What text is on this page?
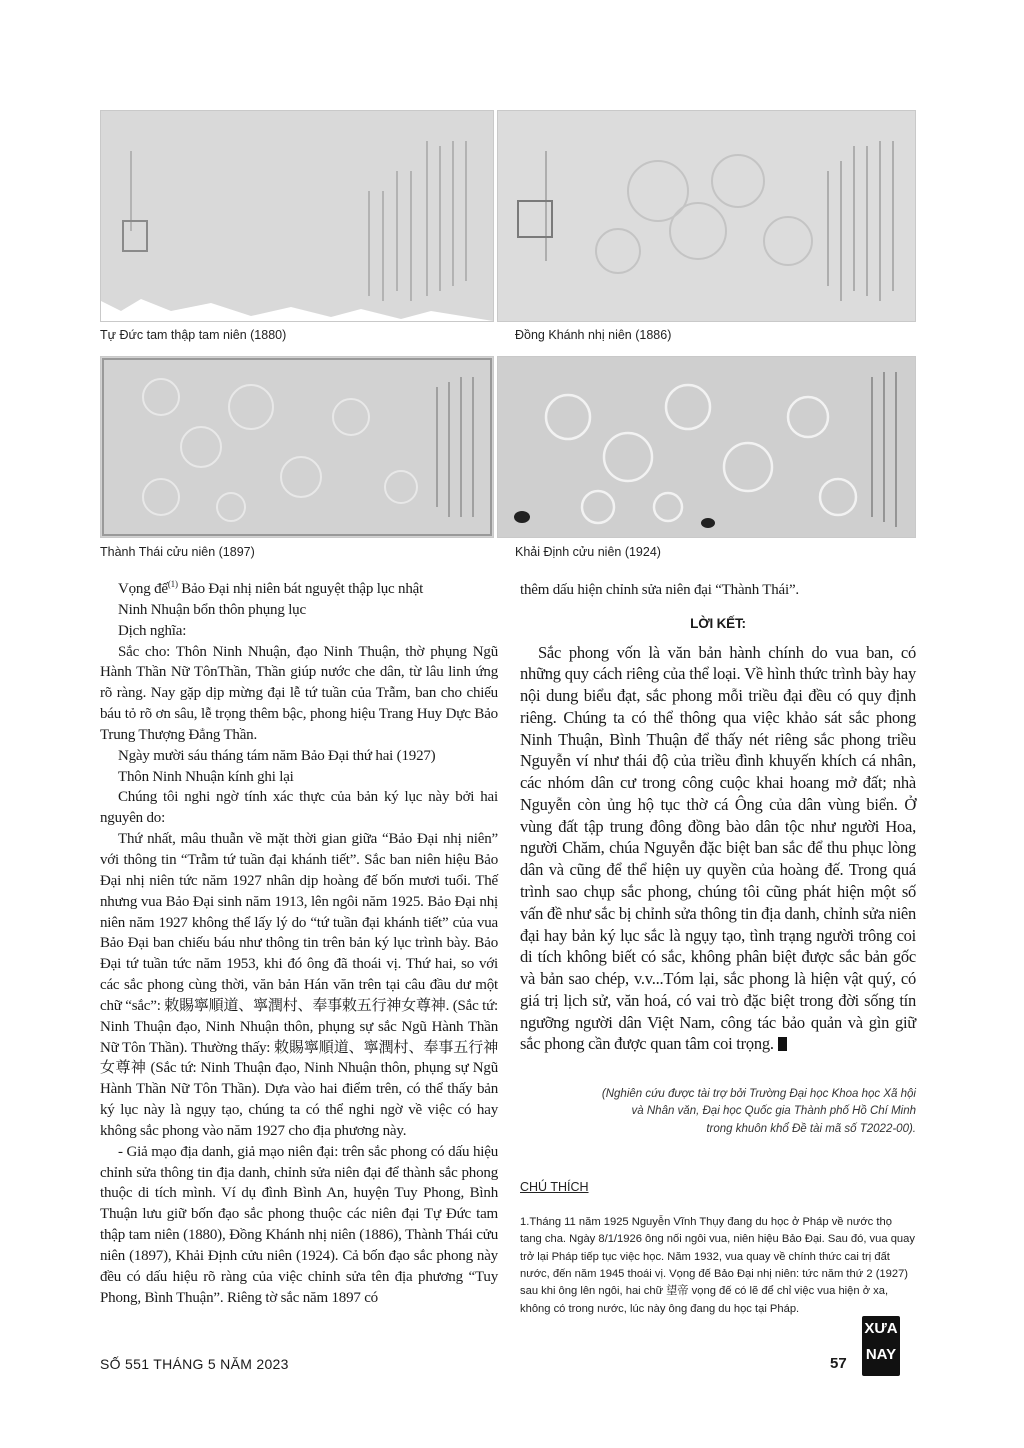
Tự Đức tam thập tam niên (1880)	Đồng Khánh nhị niên (1886)
Thành Thái cửu niên (1897)	Khải Định cửu niên (1924)

Vọng đế$^{(1)}$ Bảo Đại nhị niên bát nguyệt thập lục nhật

Ninh Nhuận bổn thôn phụng lục

Dịch nghĩa:

Sắc cho: Thôn Ninh Nhuận, đạo Ninh Thuận, thờ phụng Ngũ Hành Thần Nữ TônThần, Thần giúp nước che dân, từ lâu linh ứng rõ ràng. Nay gặp dịp mừng đại lễ tứ tuần của Trẫm, ban cho chiếu báu tỏ rõ ơn sâu, lễ trọng thêm bậc, phong hiệu Trang Huy Dực Bảo Trung Thượng Đẳng Thần.

Ngày mười sáu tháng tám năm Bảo Đại thứ hai (1927)

Thôn Ninh Nhuận kính ghi lại

Chúng tôi nghi ngờ tính xác thực của bản ký lục này bởi hai nguyên do:

Thứ nhất, mâu thuẫn về mặt thời gian giữa “Bảo Đại nhị niên” với thông tin “Trẫm tứ tuần đại khánh tiết”. Sắc ban niên hiệu Bảo Đại nhị niên tức năm 1927 nhân dịp hoàng đế bốn mươi tuổi. Thế nhưng vua Bảo Đại sinh năm 1913, lên ngôi năm 1925. Bảo Đại nhị niên năm 1927 không thể lấy lý do “tứ tuần đại khánh tiết” của vua Bảo Đại ban chiếu báu như thông tin trên bản ký lục trình bày. Bảo Đại tứ tuần tức năm 1953, khi đó ông đã thoái vị. Thứ hai, so với các sắc phong cùng thời, văn bản Hán văn trên tại câu đầu dư một chữ “sắc”: 敕賜寧順道、寧潤村、奉事敕五行神女尊神. (Sắc tứ: Ninh Thuận đạo, Ninh Nhuận thôn, phụng sự sắc Ngũ Hành Thần Nữ Tôn Thần). Thường thấy: 敕賜寧順道、寧潤村、奉事五行神女尊神 (Sắc tứ: Ninh Thuận đạo, Ninh Nhuận thôn, phụng sự Ngũ Hành Thần Nữ Tôn Thần). Dựa vào hai điểm trên, có thể thấy bản ký lục này là ngụy tạo, chúng ta có thể nghi ngờ về việc có hay không sắc phong vào năm 1927 cho địa phương này.

- Giả mạo địa danh, giả mạo niên đại: trên sắc phong có dấu hiệu chỉnh sửa thông tin địa danh, chỉnh sửa niên đại để thành sắc phong thuộc di tích mình. Ví dụ đình Bình An, huyện Tuy Phong, Bình Thuận lưu giữ bốn đạo sắc phong thuộc các niên đại Tự Đức tam thập tam niên (1880), Đồng Khánh nhị niên (1886), Thành Thái cửu niên (1897), Khải Định cửu niên (1924). Cả bốn đạo sắc phong này đều có dấu hiệu rõ ràng của việc chỉnh sửa tên địa phương “Tuy Phong, Bình Thuận”. Riêng tờ sắc năm 1897 có

thêm dấu hiện chỉnh sửa niên đại “Thành Thái”.

LỜI KẾT:

Sắc phong vốn là văn bản hành chính do vua ban, có những quy cách riêng của thể loại. Về hình thức trình bày hay nội dung biểu đạt, sắc phong mỗi triều đại đều có quy định riêng. Chúng ta có thể thông qua việc khảo sát sắc phong Ninh Thuận, Bình Thuận để thấy nét riêng sắc phong triều Nguyễn ví như thái độ của triều đình khuyến khích cá nhân, các nhóm dân cư trong công cuộc khai hoang mở đất; nhà Nguyễn còn ủng hộ tục thờ cá Ông của dân vùng biển. Ở vùng đất tập trung đông đồng bào dân tộc như người Hoa, người Chăm, chúa Nguyễn đặc biệt ban sắc để thu phục lòng dân và cũng để thể hiện uy quyền của hoàng đế. Trong quá trình sao chụp sắc phong, chúng tôi cũng phát hiện một số vấn đề như sắc bị chỉnh sửa thông tin địa danh, chỉnh sửa niên đại hay bản ký lục sắc là ngụy tạo, tình trạng người trông coi di tích không biết có sắc, không phân biệt được sắc bản gốc và bản sao chép, v.v...Tóm lại, sắc phong là hiện vật quý, có giá trị lịch sử, văn hoá, có vai trò đặc biệt trong đời sống tín ngưỡng người dân Việt Nam, công tác bảo quản và gìn giữ sắc phong cần được quan tâm coi trọng.

(Nghiên cứu được tài trợ bởi Trường Đại học Khoa học Xã hội
và Nhân văn, Đại học Quốc gia Thành phố Hồ Chí Minh
trong khuôn khổ Đề tài mã số T2022-00).
CHÚ THÍCH
1.Tháng 11 năm 1925 Nguyễn Vĩnh Thụy đang du học ở Pháp về nước thọ tang cha. Ngày 8/1/1926 ông nối ngôi vua, niên hiệu Bảo Đại. Sau đó, vua quay trở lại Pháp tiếp tục việc học. Năm 1932, vua quay về chính thức cai trị đất nước, đến năm 1945 thoái vị. Vọng đế Bảo Đại nhị niên: tức năm thứ 2 (1927) sau khi ông lên ngôi, hai chữ 望帝 vọng đế có lẽ để chỉ việc vua hiện ở xa, không có trong nước, lúc này ông đang du học tại Pháp.
SỐ 551 THÁNG 5 NĂM 2023	57
XƯA
NAY
